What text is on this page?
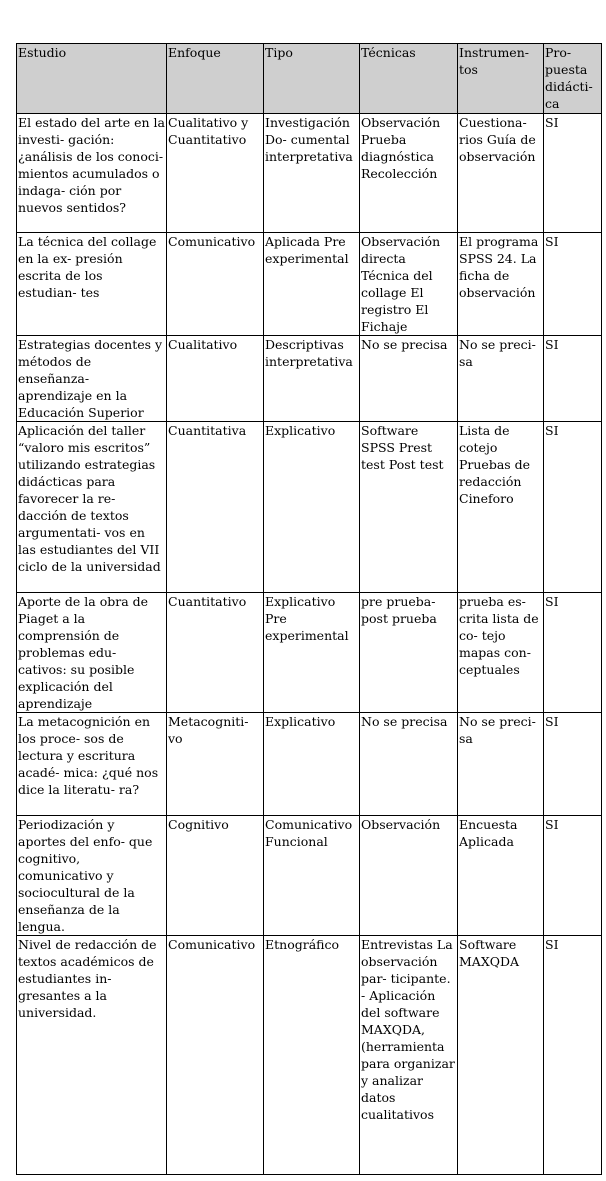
Estudio	Enfoque	Tipo	Técnicas	Instrumen-tos	Pro-puesta didácti-ca
El estado del arte en la investi- gación: ¿análisis de los conoci- mientos acumulados o indaga- ción por nuevos sentidos?	Cualitativo y Cuantitativo	Investigación Do- cumental interpretativa	Observación Prueba diagnóstica Recolección	Cuestiona- rios Guía de observación	SI
La técnica del collage en la ex- presión escrita de los estudian- tes	Comunicativo	Aplicada Pre experimental	Observación directa Técnica del collage El registro El Fichaje	El programa SPSS 24. La ficha de observación	SI
Estrategias docentes y métodos de enseñanza- aprendizaje en la Educación Superior	Cualitativo	Descriptivas interpretativa	No se precisa	No se preci- sa	SI
Aplicación del taller “valoro mis escritos” utilizando estrategias didácticas para favorecer la re- dacción de textos argumentati- vos en las estudiantes del VII ciclo de la universidad	Cuantitativa	Explicativo	Software SPSS Prest test Post test	Lista de cotejo Pruebas de redacción Cineforo	SI
Aporte de la obra de Piaget a la comprensión de problemas edu- cativos: su posible explicación del aprendizaje	Cuantitativo	Explicativo Pre experimental	pre prueba- post prueba	prueba es- crita lista de co- tejo mapas con- ceptuales	SI
La metacognición en los proce- sos de lectura y escritura acadé- mica: ¿qué nos dice la literatu- ra?	Metacogniti- vo	Explicativo	No se precisa	No se preci- sa	SI
Periodización y aportes del enfo- que cognitivo, comunicativo y sociocultural de la enseñanza de la lengua.	Cognitivo	Comunicativo Funcional	Observación	Encuesta Aplicada	SI
Nivel de redacción de textos académicos de estudiantes in- gresantes a la universidad.	Comunicativo	Etnográfico	Entrevistas La observación par- ticipante. - Aplicación del software MAXQDA, (herramienta para organizar y analizar datos cualitativos	Software MAXQDA	SI
